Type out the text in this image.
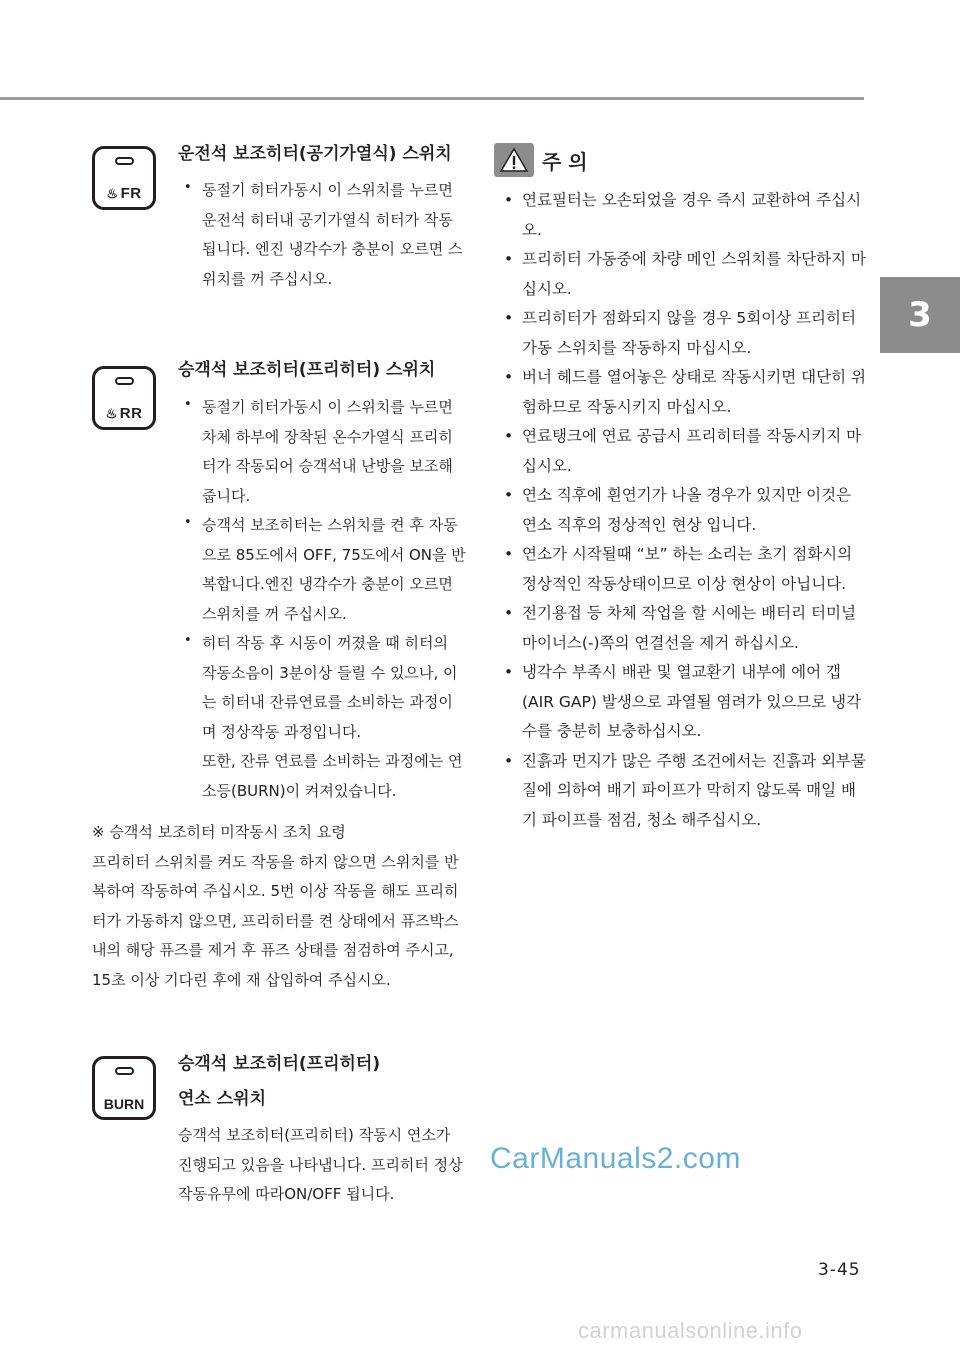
3
♨ FR
운전석 보조히터(공기가열식) 스위치
• 동절기 히터가동시 이 스위치를 누르면 운전석 히터내 공기가열식 히터가 작동됩니다. 엔진 냉각수가 충분이 오르면 스위치를 꺼 주십시오.
♨ RR
승객석 보조히터(프리히터) 스위치
• 동절기 히터가동시 이 스위치를 누르면 차체 하부에 장착된 온수가열식 프리히터가 작동되어 승객석내 난방을 보조해 줍니다.
• 승객석 보조히터는 스위치를 켠 후 자동으로 85도에서 OFF, 75도에서 ON을 반복합니다.엔진 냉각수가 충분이 오르면 스위치를 꺼 주십시오.
• 히터 작동 후 시동이 꺼졌을 때 히터의 작동소음이 3분이상 들릴 수 있으나, 이는 히터내 잔류연료를 소비하는 과정이며 정상작동 과정입니다.
또한, 잔류 연료를 소비하는 과정에는 연소등(BURN)이 켜져있습니다.
※ 승객석 보조히터 미작동시 조치 요령
프리히터 스위치를 켜도 작동을 하지 않으면 스위치를 반복하여 작동하여 주십시오. 5번 이상 작동을 해도 프리히터가 가동하지 않으면, 프리히터를 켠 상태에서 퓨즈박스내의 해당 퓨즈를 제거 후 퓨즈 상태를 점검하여 주시고, 15초 이상 기다린 후에 재 삽입하여 주십시오.
BURN
승객석 보조히터(프리히터)
연소 스위치
승객석 보조히터(프리히터) 작동시 연소가 진행되고 있음을 나타냅니다. 프리히터 정상 작동유무에 따라ON/OFF 됩니다.
주 의
• 연료필터는 오손되었을 경우 즉시 교환하여 주십시오.
• 프리히터 가동중에 차량 메인 스위치를 차단하지 마십시오.
• 프리히터가 점화되지 않을 경우 5회이상 프리히터 가동 스위치를 작동하지 마십시오.
• 버너 헤드를 열어놓은 상태로 작동시키면 대단히 위험하므로 작동시키지 마십시오.
• 연료탱크에 연료 공급시 프리히터를 작동시키지 마십시오.
• 연소 직후에 흰연기가 나올 경우가 있지만 이것은 연소 직후의 정상적인 현상 입니다.
• 연소가 시작될때 “보” 하는 소리는 초기 점화시의 정상적인 작동상태이므로 이상 현상이 아닙니다.
• 전기용접 등 차체 작업을 할 시에는 배터리 터미널 마이너스(-)쪽의 연결선을 제거 하십시오.
• 냉각수 부족시 배관 및 열교환기 내부에 에어 갭(AIR GAP) 발생으로 과열될 염려가 있으므로 냉각수를 충분히 보충하십시오.
• 진흙과 먼지가 많은 주행 조건에서는 진흙과 외부물질에 의하여 배기 파이프가 막히지 않도록 매일 배기 파이프를 점검, 청소 해주십시오.
CarManuals2.com
3-45
carmanualsonline.info
